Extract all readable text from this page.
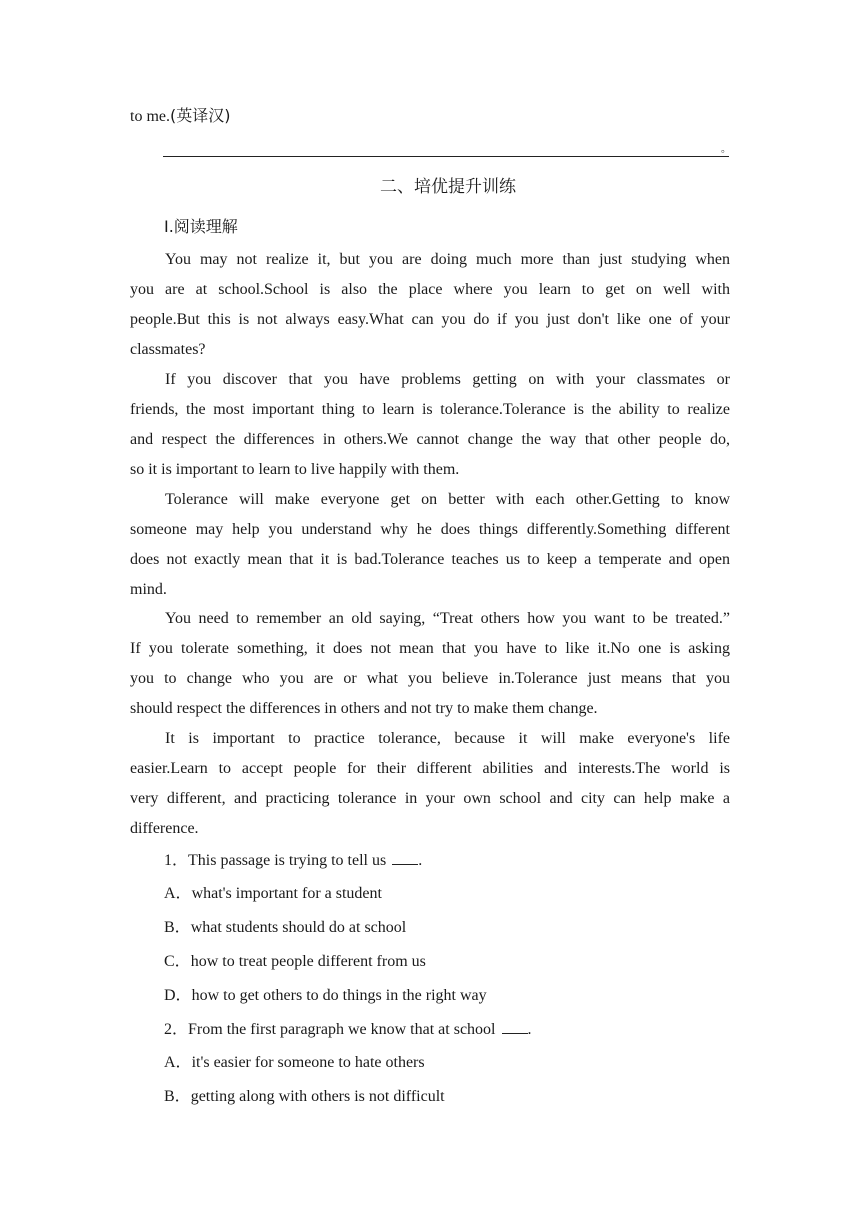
to me.(英译汉)
。
二、培优提升训练
Ⅰ.阅读理解
You may not realize it, but you are doing much more than just studying when
you are at school.School is also the place where you learn to get on well with
people.But this is not always easy.What can you do if you just don't like one of your
classmates?
If you discover that you have problems getting on with your classmates or
friends, the most important thing to learn is tolerance.Tolerance is the ability to realize
and respect the differences in others.We cannot change the way that other people do,
so it is important to learn to live happily with them.
Tolerance will make everyone get on better with each other.Getting to know
someone may help you understand why he does things differently.Something different
does not exactly mean that it is bad.Tolerance teaches us to keep a temperate and open
mind.
You need to remember an old saying, “Treat others how you want to be treated.”
If you tolerate something, it does not mean that you have to like it.No one is asking
you to change who you are or what you believe in.Tolerance just means that you
should respect the differences in others and not try to make them change.
It is important to practice tolerance, because it will make everyone's life
easier.Learn to accept people for their different abilities and interests.The world is
very different, and practicing tolerance in your own school and city can help make a
difference.
1．This passage is trying to tell us .
A．what's important for a student
B．what students should do at school
C．how to treat people different from us
D．how to get others to do things in the right way
2．From the first paragraph we know that at school .
A．it's easier for someone to hate others
B．getting along with others is not difficult
